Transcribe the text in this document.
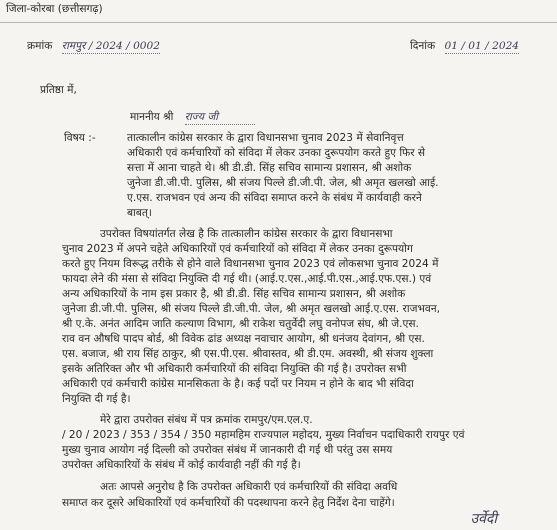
जिला-कोरबा (छत्तीसगढ़)
क्रमांक रामपुर / 2024 / 0002	दिनांक 01 / 01 / 2024
प्रतिष्ठा में,
माननीय श्री राज्य जी
विषय :-	तात्कालीन कांग्रेस सरकार के द्वारा विधानसभा चुनाव 2023 में सेवानिवृत्त
अधिकारी एवं कर्मचारियों को संविदा में लेकर उनका दुरूपयोग करते हुए फिर से
सत्ता में आना चाहते थे। श्री डी.डी. सिंह सचिव सामान्य प्रशासन, श्री अशोक
जुनेजा डी.जी.पी. पुलिस, श्री संजय पिल्ले डी.जी.पी. जेल, श्री अमृत खलखो आई.
ए.एस. राजभवन एवं अन्य की संविदा समाप्त करने के संबंध में कार्यवाही करने
बाबत्।
उपरोक्त विषयांतर्गत लेख है कि तात्कालीन कांग्रेस सरकार के द्वारा विधानसभा
चुनाव 2023 में अपने चहेते अधिकारियों एवं कर्मचारियों को संविदा में लेकर उनका दुरूपयोग
करते हुए नियम विरूद्ध तरीके से होने वाले विधानसभा चुनाव 2023 एवं लोकसभा चुनाव 2024 में
फायदा लेने की मंसा से संविदा नियुक्ति दी गई थी। (आई.ए.एस.,आई.पी.एस.,आई.एफ.एस.) एवं
अन्य अधिकारियों के नाम इस प्रकार है, श्री डी.डी. सिंह सचिव सामान्य प्रशासन, श्री अशोक
जुनेजा डी.जी.पी. पुलिस, श्री संजय पिल्ले डी.जी.पी. जेल, श्री अमृत खलखो आई.ए.एस. राजभवन,
श्री ए.के. अनंत आदिम जाति कल्याण विभाग, श्री राकेश चतुर्वेदी लघु वनोपज संघ, श्री जे.एस.
राव वन औषधि पादप बोर्ड, श्री विवेक ढांड अध्यक्ष नवाचार आयोग, श्री धनंजय देवांगन, श्री एस.
एस. बजाज, श्री राय सिंह ठाकुर, श्री एस.पी.एस. श्रीवास्तव, श्री डी.एम. अवस्थी, श्री संजय शुक्ला
इसके अतिरिक्त और भी अधिकारी कर्मचारियों की संविदा नियुक्ति की गई है। उपरोक्त सभी
अधिकारी एवं कर्मचारी कांग्रेस मानसिकता के है। कई पदों पर नियम न होने के बाद भी संविदा
नियुक्ति दी गई है।
मेरे द्वारा उपरोक्त संबंध में पत्र क्रमांक रामपुर/एम.एल.ए.
/ 20 / 2023 / 353 / 354 / 350 महामहिम राज्यपाल महोदय, मुख्य निर्वाचन पदाधिकारी रायपुर एवं
मुख्य चुनाव आयोग नई दिल्ली को उपरोक्त संबंध में जानकारी दी गई थी परंतु उस समय
उपरोक्त अधिकारियों के संबंध में कोई कार्यवाही नहीं की गई है।
अतः आपसे अनुरोध है कि उपरोक्त अधिकारी एवं कर्मचारियों की संविदा अवधि
समाप्त कर दूसरे अधिकारियों एवं कर्मचारियों की पदस्थापना करने हेतु निर्देश देना चाहेंगे।
उर्वेदी
